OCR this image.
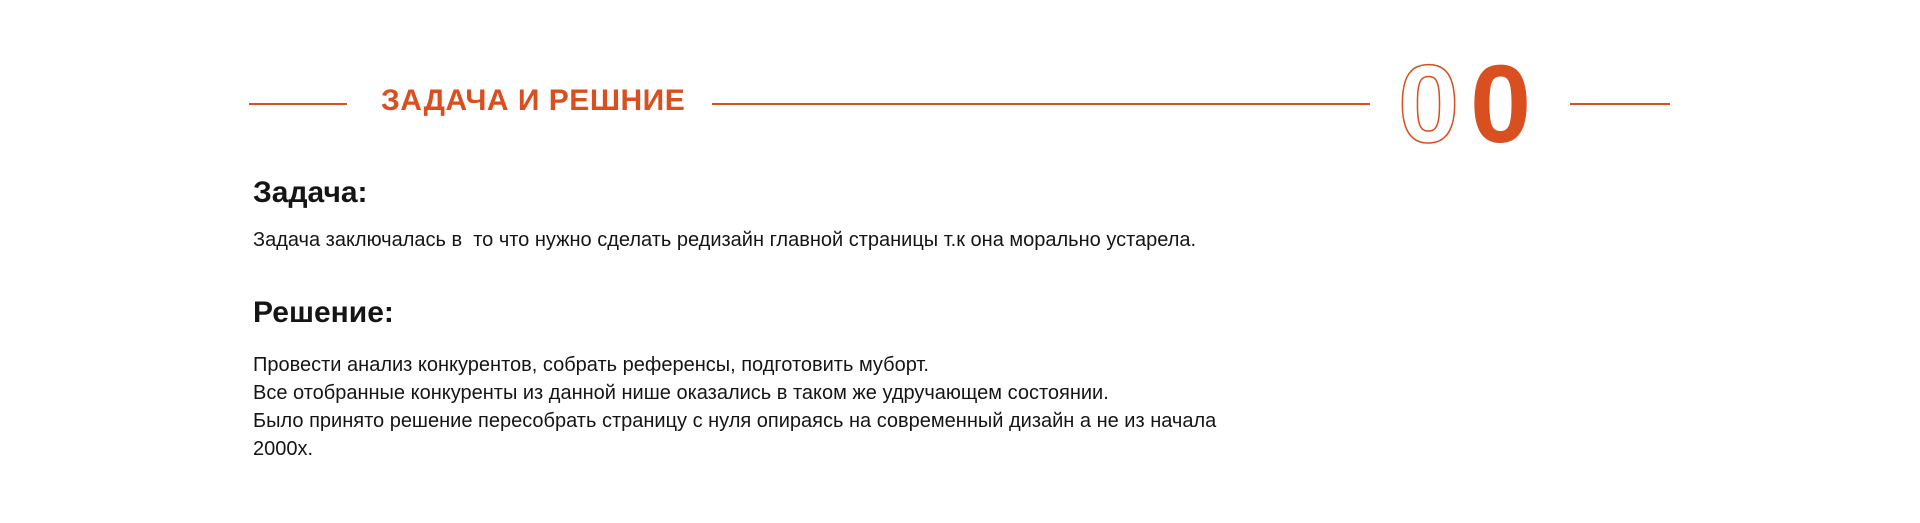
ЗАДАЧА И РЕШНИЕ	0 0
Задача:

Задача заключалась в  то что нужно сделать редизайн главной страницы т.к она морально устарела.

Решение:
Провести анализ конкурентов, собрать референсы, подготовить муборт.
Все отобранные конкуренты из данной нише оказались в таком же удручающем состоянии.
Было принято решение пересобрать страницу с нуля опираясь на современный дизайн а не из начала
2000х.
